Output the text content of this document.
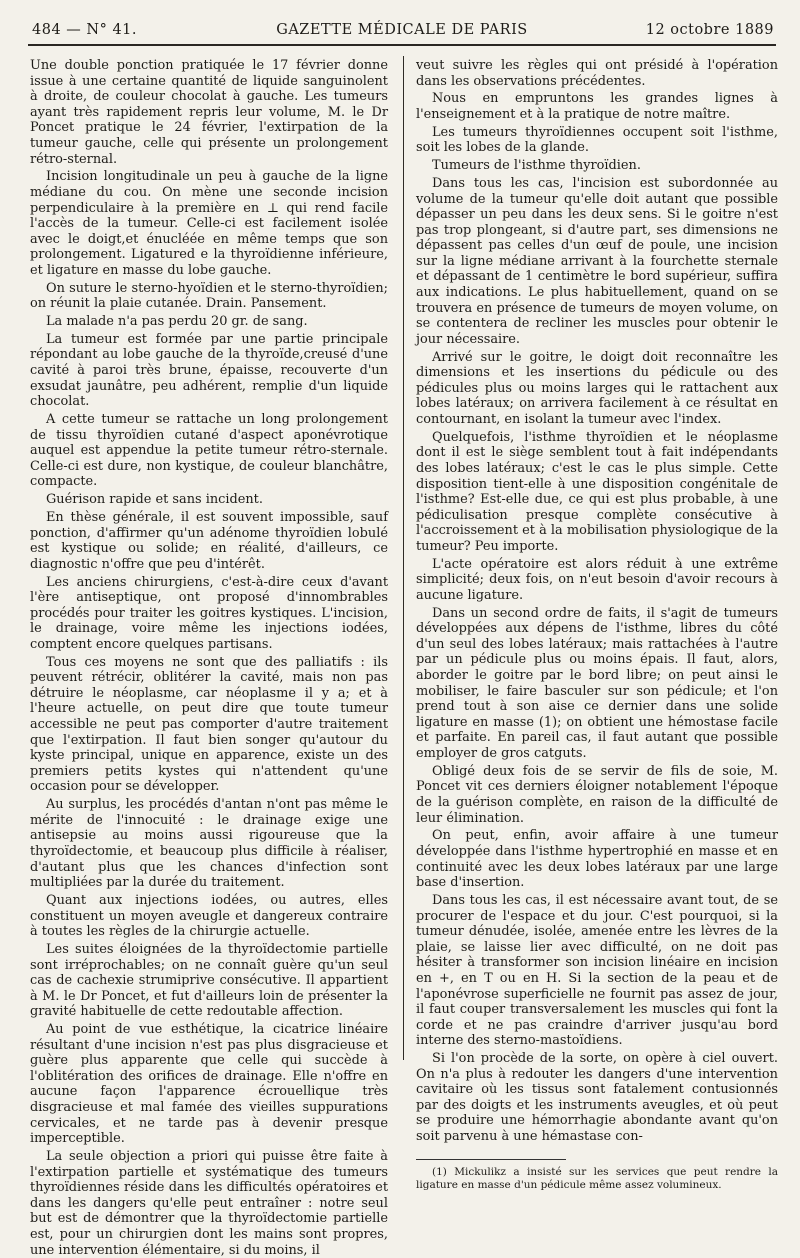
484 — N° 41.	GAZETTE MÉDICALE DE PARIS	12 octobre 1889

Une double ponction pratiquée le 17 février donne issue à une certaine quantité de liquide sanguinolent à droite, de couleur chocolat à gauche. Les tumeurs ayant très rapidement repris leur volume, M. le Dr Poncet pratique le 24 février, l'extirpation de la tumeur gauche, celle qui présente un prolongement rétro-sternal.

Incision longitudinale un peu à gauche de la ligne médiane du cou. On mène une seconde incision perpendiculaire à la première en ⊥ qui rend facile l'accès de la tumeur. Celle-ci est facilement isolée avec le doigt,et énucléée en même temps que son prolongement. Ligatured e la thyroïdienne inférieure, et ligature en masse du lobe gauche.

On suture le sterno-hyoïdien et le sterno-thyroïdien; on réunit la plaie cutanée. Drain. Pansement.

La malade n'a pas perdu 20 gr. de sang.

La tumeur est formée par une partie principale répondant au lobe gauche de la thyroïde,creusé d'une cavité à paroi très brune, épaisse, recouverte d'un exsudat jaunâtre, peu adhérent, remplie d'un liquide chocolat.

A cette tumeur se rattache un long prolongement de tissu thyroïdien cutané d'aspect aponévrotique auquel est appendue la petite tumeur rétro-sternale. Celle-ci est dure, non kystique, de couleur blanchâtre, compacte.

Guérison rapide et sans incident.

En thèse générale, il est souvent impossible, sauf ponction, d'affirmer qu'un adénome thyroïdien lobulé est kystique ou solide; en réalité, d'ailleurs, ce diagnostic n'offre que peu d'intérêt.

Les anciens chirurgiens, c'est-à-dire ceux d'avant l'ère antiseptique, ont proposé d'innombrables procédés pour traiter les goitres kystiques. L'incision, le drainage, voire même les injections iodées, comptent encore quelques partisans.

Tous ces moyens ne sont que des palliatifs : ils peuvent rétrécir, oblitérer la cavité, mais non pas détruire le néoplasme, car néoplasme il y a; et à l'heure actuelle, on peut dire que toute tumeur accessible ne peut pas comporter d'autre traitement que l'extirpation. Il faut bien songer qu'autour du kyste principal, unique en apparence, existe un des premiers petits kystes qui n'attendent qu'une occasion pour se développer.

Au surplus, les procédés d'antan n'ont pas même le mérite de l'innocuité : le drainage exige une antisepsie au moins aussi rigoureuse que la thyroïdectomie, et beaucoup plus difficile à réaliser, d'autant plus que les chances d'infection sont multipliées par la durée du traitement.

Quant aux injections iodées, ou autres, elles constituent un moyen aveugle et dangereux contraire à toutes les règles de la chirurgie actuelle.

Les suites éloignées de la thyroïdectomie partielle sont irréprochables; on ne connaît guère qu'un seul cas de cachexie strumiprive consécutive. Il appartient à M. le Dr Poncet, et fut d'ailleurs loin de présenter la gravité habituelle de cette redoutable affection.

Au point de vue esthétique, la cicatrice linéaire résultant d'une incision n'est pas plus disgracieuse et guère plus apparente que celle qui succède à l'oblitération des orifices de drainage. Elle n'offre en aucune façon l'apparence écrouellique très disgracieuse et mal famée des vieilles suppurations cervicales, et ne tarde pas à devenir presque imperceptible.

La seule objection a priori qui puisse être faite à l'extirpation partielle et systématique des tumeurs thyroïdiennes réside dans les difficultés opératoires et dans les dangers qu'elle peut entraîner : notre seul but est de démontrer que la thyroïdectomie partielle est, pour un chirurgien dont les mains sont propres, une intervention élémentaire, si du moins, il

veut suivre les règles qui ont présidé à l'opération dans les observations précédentes.

Nous en empruntons les grandes lignes à l'enseignement et à la pratique de notre maître.

Les tumeurs thyroïdiennes occupent soit l'isthme, soit les lobes de la glande.

Tumeurs de l'isthme thyroïdien.

Dans tous les cas, l'incision est subordonnée au volume de la tumeur qu'elle doit autant que possible dépasser un peu dans les deux sens. Si le goitre n'est pas trop plongeant, si d'autre part, ses dimensions ne dépassent pas celles d'un œuf de poule, une incision sur la ligne médiane arrivant à la fourchette sternale et dépassant de 1 centimètre le bord supérieur, suffira aux indications. Le plus habituellement, quand on se trouvera en présence de tumeurs de moyen volume, on se contentera de recliner les muscles pour obtenir le jour nécessaire.

Arrivé sur le goitre, le doigt doit reconnaître les dimensions et les insertions du pédicule ou des pédicules plus ou moins larges qui le rattachent aux lobes latéraux; on arrivera facilement à ce résultat en contournant, en isolant la tumeur avec l'index.

Quelquefois, l'isthme thyroïdien et le néoplasme dont il est le siège semblent tout à fait indépendants des lobes latéraux; c'est le cas le plus simple. Cette disposition tient-elle à une disposition congénitale de l'isthme? Est-elle due, ce qui est plus probable, à une pédiculisation presque complète consécutive à l'accroissement et à la mobilisation physiologique de la tumeur? Peu importe.

L'acte opératoire est alors réduit à une extrême simplicité; deux fois, on n'eut besoin d'avoir recours à aucune ligature.

Dans un second ordre de faits, il s'agit de tumeurs développées aux dépens de l'isthme, libres du côté d'un seul des lobes latéraux; mais rattachées à l'autre par un pédicule plus ou moins épais. Il faut, alors, aborder le goitre par le bord libre; on peut ainsi le mobiliser, le faire basculer sur son pédicule; et l'on prend tout à son aise ce dernier dans une solide ligature en masse (1); on obtient une hémostase facile et parfaite. En pareil cas, il faut autant que possible employer de gros catguts.

Obligé deux fois de se servir de fils de soie, M. Poncet vit ces derniers éloigner notablement l'époque de la guérison complète, en raison de la difficulté de leur élimination.

On peut, enfin, avoir affaire à une tumeur développée dans l'isthme hypertrophié en masse et en continuité avec les deux lobes latéraux par une large base d'insertion.

Dans tous les cas, il est nécessaire avant tout, de se procurer de l'espace et du jour. C'est pourquoi, si la tumeur dénudée, isolée, amenée entre les lèvres de la plaie, se laisse lier avec difficulté, on ne doit pas hésiter à transformer son incision linéaire en incision en +, en T ou en H. Si la section de la peau et de l'aponévrose superficielle ne fournit pas assez de jour, il faut couper transversalement les muscles qui font la corde et ne pas craindre d'arriver jusqu'au bord interne des sterno-mastoïdiens.

Si l'on procède de la sorte, on opère à ciel ouvert. On n'a plus à redouter les dangers d'une intervention cavitaire où les tissus sont fatalement contusionnés par des doigts et les instruments aveugles, et où peut se produire une hémorrhagie abondante avant qu'on soit parvenu à une hémastase con-

(1) Mickulikz a insisté sur les services que peut rendre la ligature en masse d'un pédicule même assez volumineux.
